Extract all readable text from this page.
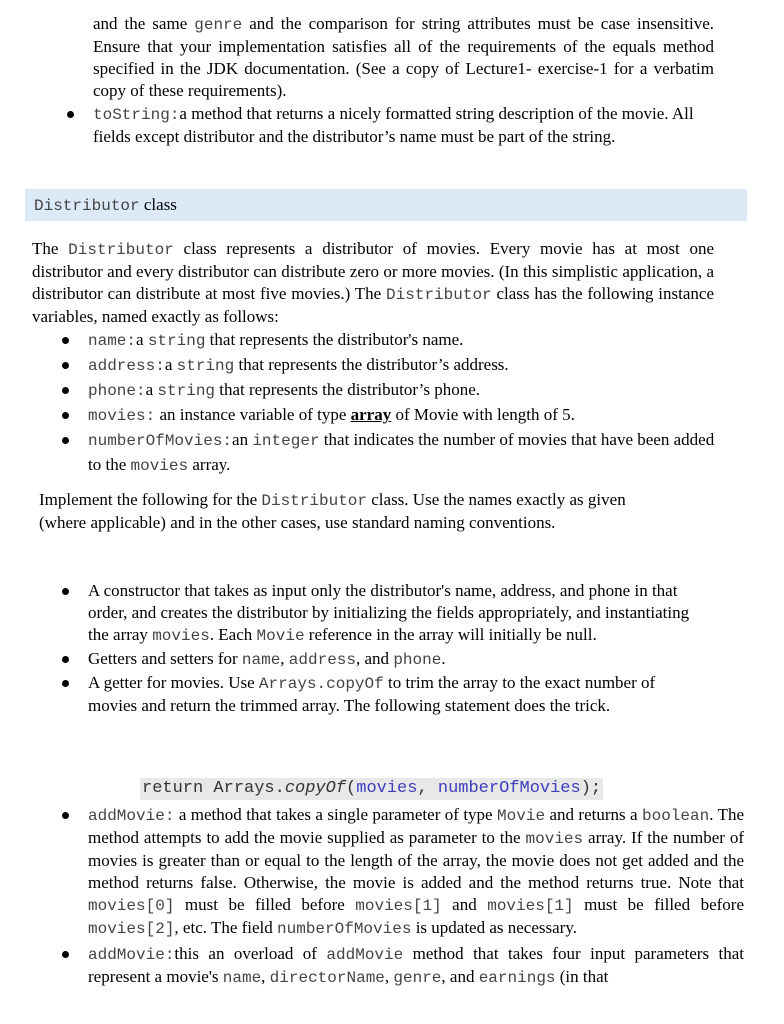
and the same genre and the comparison for string attributes must be case insensitive. Ensure that your implementation satisfies all of the requirements of the equals method specified in the JDK documentation. (See a copy of Lecture1- exercise-1 for a verbatim copy of these requirements).
toString:a method that returns a nicely formatted string description of the movie. All fields except distributor and the distributor’s name must be part of the string.
Distributor class
The Distributor class represents a distributor of movies. Every movie has at most one distributor and every distributor can distribute zero or more movies. (In this simplistic application, a distributor can distribute at most five movies.) The Distributor class has the following instance variables, named exactly as follows:
name:a string that represents the distributor's name.
address:a string that represents the distributor’s address.
phone:a string that represents the distributor’s phone.
movies: an instance variable of type array of Movie with length of 5.
numberOfMovies:an integer that indicates the number of movies that have been added to the movies array.
Implement the following for the Distributor class. Use the names exactly as given
(where applicable) and in the other cases, use standard naming conventions.
A constructor that takes as input only the distributor's name, address, and phone in that order, and creates the distributor by initializing the fields appropriately, and instantiating the array movies. Each Movie reference in the array will initially be null.
Getters and setters for name, address, and phone.
A getter for movies. Use Arrays.copyOf to trim the array to the exact number of movies and return the trimmed array. The following statement does the trick.
return Arrays.copyOf(movies, numberOfMovies);
addMovie: a method that takes a single parameter of type Movie and returns a boolean. The method attempts to add the movie supplied as parameter to the movies array. If the number of movies is greater than or equal to the length of the array, the movie does not get added and the method returns false. Otherwise, the movie is added and the method returns true. Note that movies[0] must be filled before movies[1] and movies[1] must be filled before movies[2], etc. The field numberOfMovies is updated as necessary.
addMovie:this an overload of addMovie method that takes four input parameters that represent a movie's name, directorName, genre, and earnings (in that
